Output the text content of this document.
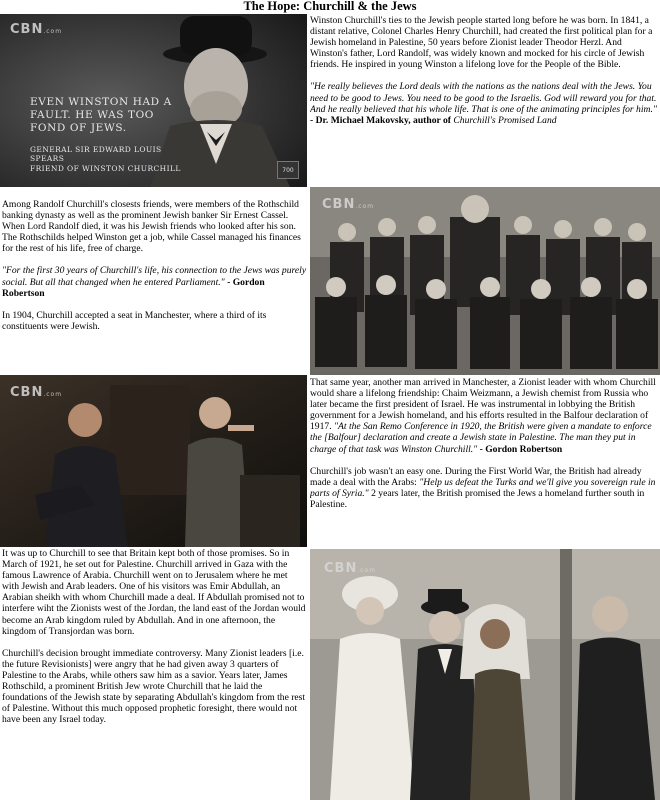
The Hope: Churchill & the Jews
CBN.com
EVEN WINSTON HAD A FAULT. HE WAS TOO FOND OF JEWS.
GENERAL SIR EDWARD LOUIS SPEARS
FRIEND OF WINSTON CHURCHILL	700

Winston Churchill's ties to the Jewish people started long before he was born. In 1841, a distant relative, Colonel Charles Henry Churchill, had created the first political plan for a Jewish homeland in Palestine, 50 years before Zionist leader Theodor Herzl. And Winston's father, Lord Randolf, was widely known and mocked for his circle of Jewish friends. He inspired in young Winston a lifelong love for the People of the Bible.

"He really believes the Lord deals with the nations as the nations deal with the Jews. You need to be good to Jews. You need to be good to the Israelis. God will reward you for that. And he really believed that his whole life. That is one of the animating principles for him."
- Dr. Michael Makovsky, author of Churchill's Promised Land

Among Randolf Churchill's closests friends, were members of the Rothschild banking dynasty as well as the prominent Jewish banker Sir Ernest Cassel. When Lord Randolf died, it was his Jewish friends who looked after his son. The Rothschilds helped Winston get a job, while Cassel managed his finances for the rest of his life, free of charge.

"For the first 30 years of Churchill's life, his connection to the Jews was purely social. But all that changed when he entered Parliament." - Gordon Robertson

In 1904, Churchill accepted a seat in Manchester, where a third of its constituents were Jewish.

CBN.com
CBN.com

That same year, another man arrived in Manchester, a Zionist leader with whom Churchill would share a lifelong friendship: Chaim Weizmann, a Jewish chemist from Russia who later became the first president of Israel. He was instrumental in lobbying the British government for a Jewish homeland, and his efforts resulted in the Balfour declaration of 1917. "At the San Remo Conference in 1920, the British were given a mandate to enforce the [Balfour] declaration and create a Jewish state in Palestine. The man they put in charge of that task was Winston Churchill." - Gordon Robertson

Churchill's job wasn't an easy one. During the First World War, the British had already made a deal with the Arabs: "Help us defeat the Turks and we'll give you sovereign rule in parts of Syria." 2 years later, the British promised the Jews a homeland further south in Palestine.

It was up to Churchill to see that Britain kept both of those promises. So in March of 1921, he set out for Palestine. Churchill arrived in Gaza with the famous Lawrence of Arabia. Churchill went on to Jerusalem where he met with Jewish and Arab leaders. One of his visitors was Emir Abdullah, an Arabian sheikh with whom Churchill made a deal. If Abdullah promised not to interfere wiht the Zionists west of the Jordan, the land east of the Jordan would become an Arab kingdom ruled by Abdullah. And in one afternoon, the kingdom of Transjordan was born.

Churchill's decision brought immediate controversy. Many Zionist leaders [i.e. the future Revisionists] were angry that he had given away 3 quarters of Palestine to the Arabs, while others saw him as a savior. Years later, James Rothschild, a prominent British Jew wrote Churchill that he laid the foundations of the Jewish state by separating Abdullah's kingdom from the rest of Palestine. Without this much opposed prophetic foresight, there would not have been any Israel today.

CBN.com
